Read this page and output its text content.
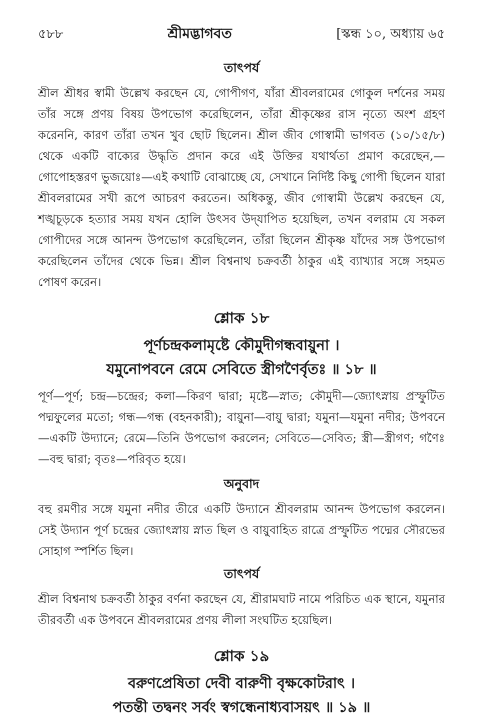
৫৮৮	শ্রীমদ্ভাগবত	[স্কন্ধ ১০, অধ্যায় ৬৫
তাৎপর্য

শ্রীল শ্রীধর স্বামী উল্লেখ করছেন যে, গোপীগণ, যাঁরা শ্রীবলরামের গোকুল দর্শনের সময় তাঁর সঙ্গে প্রণয় বিষয় উপভোগ করেছিলেন, তাঁরা শ্রীকৃষ্ণের রাস নৃত্যে অংশ গ্রহণ করেননি, কারণ তাঁরা তখন খুব ছোট ছিলেন। শ্রীল জীব গোস্বামী ভাগবত (১০/১৫/৮) থেকে একটি বাক্যের উদ্ধৃতি প্রদান করে এই উক্তির যথার্থতা প্রমাণ করেছেন,—গোপোহস্তরণ ভুজয়োঃ—এই কথাটি বোঝাচ্ছে যে, সেখানে নির্দিষ্ট কিছু গোপী ছিলেন যারা শ্রীবলরামের সখী রূপে আচরণ করতেন। অধিকন্তু, জীব গোস্বামী উল্লেখ করছেন যে, শঙ্খচূড়কে হত্যার সময় যখন হোলি উৎসব উদ্‌যাপিত হয়েছিল, তখন বলরাম যে সকল গোপীদের সঙ্গে আনন্দ উপভোগ করেছিলেন, তাঁরা ছিলেন শ্রীকৃষ্ণ যাঁদের সঙ্গ উপভোগ করেছিলেন তাঁদের থেকে ভিন্ন। শ্রীল বিশ্বনাথ চক্রবর্তী ঠাকুর এই ব্যাখ্যার সঙ্গে সহমত পোষণ করেন।

শ্লোক ১৮

পূর্ণচন্দ্রকলামৃষ্টে কৌমুদীগন্ধবায়ুনা ।

যমুনোপবনে রেমে সেবিতে স্ত্রীগণৈর্বৃতঃ ॥ ১৮ ॥

পূর্ণ—পূর্ণ; চন্দ্র—চন্দ্রের; কলা—কিরণ দ্বারা; মৃষ্টে—স্নাত; কৌমুদী—জ্যোৎস্নায় প্রস্ফুটিত পদ্মফুলের মতো; গন্ধ—গন্ধ (বহনকারী); বায়ুনা—বায়ু দ্বারা; যমুনা—যমুনা নদীর; উপবনে—একটি উদ্যানে; রেমে—তিনি উপভোগ করলেন; সেবিতে—সেবিত; স্ত্রী—স্ত্রীগণ; গণৈঃ—বহু দ্বারা; বৃতঃ—পরিবৃত হয়ে।

অনুবাদ

বহু রমণীর সঙ্গে যমুনা নদীর তীরে একটি উদ্যানে শ্রীবলরাম আনন্দ উপভোগ করলেন। সেই উদ্যান পূর্ণ চন্দ্রের জ্যোৎস্নায় স্নাত ছিল ও বায়ুবাহিত রাত্রে প্রস্ফুটিত পদ্মের সৌরভের সোহাগ স্পর্শিত ছিল।

তাৎপর্য

শ্রীল বিশ্বনাথ চক্রবর্তী ঠাকুর বর্ণনা করছেন যে, শ্রীরামঘাট নামে পরিচিত এক স্থানে, যমুনার তীরবর্তী এক উপবনে শ্রীবলরামের প্রণয় লীলা সংঘটিত হয়েছিল।

শ্লোক ১৯

বরুণপ্রেষিতা দেবী বারুণী বৃক্ষকোটরাৎ ।

পতন্তী তদ্বনং সর্বং স্বগন্ধেনাধ্যবাসয়ৎ ॥ ১৯ ॥
